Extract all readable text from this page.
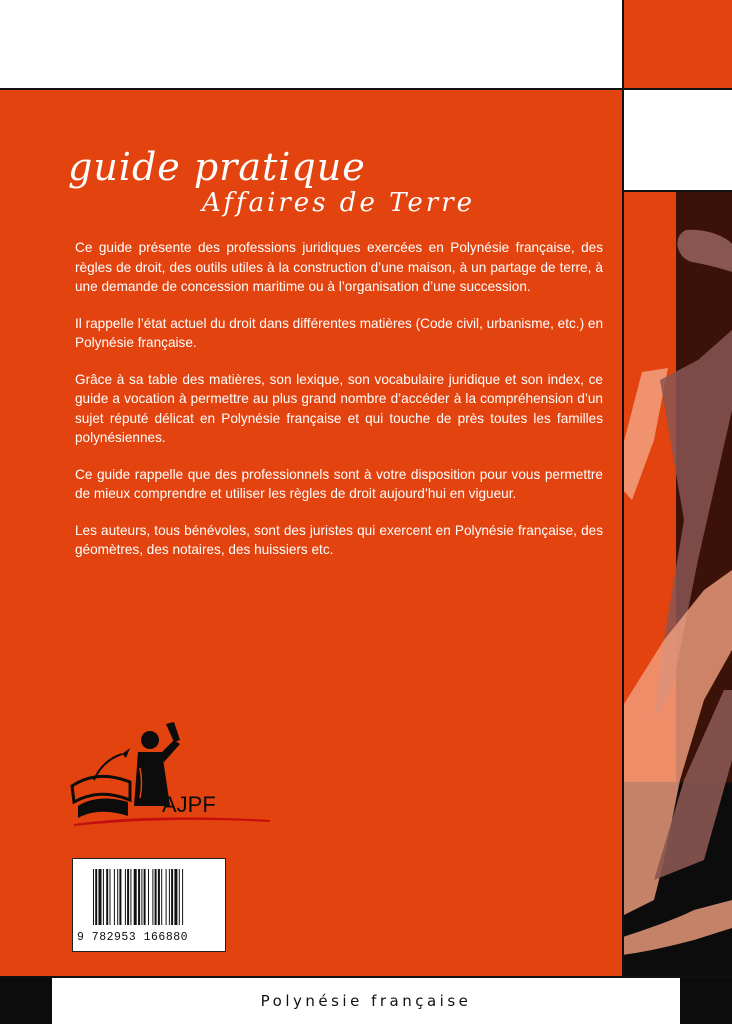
guide pratique
Affaires de Terre

Ce guide présente des professions juridiques exercées en Polynésie française, des règles de droit, des outils utiles à la construction d’une maison, à un partage de terre, à une demande de concession maritime ou à l’organisation d’une succession.

Il rappelle l’état actuel du droit dans différentes matières (Code civil, urbanisme, etc.) en Polynésie française.

Grâce à sa table des matières, son lexique, son vocabulaire juridique et son index, ce guide a vocation à permettre au plus grand nombre d’accéder à la compréhension d’un sujet réputé délicat en Polynésie française et qui touche de près toutes les familles polynésiennes.

Ce guide rappelle que des professionnels sont à votre disposition pour vous permettre de mieux comprendre et utiliser les règles de droit aujourd’hui en vigueur.

Les auteurs, tous bénévoles, sont des juristes qui exercent en Polynésie française, des géomètres, des notaires, des huissiers etc.

AJPF
9 782953 166880
Polynésie française
